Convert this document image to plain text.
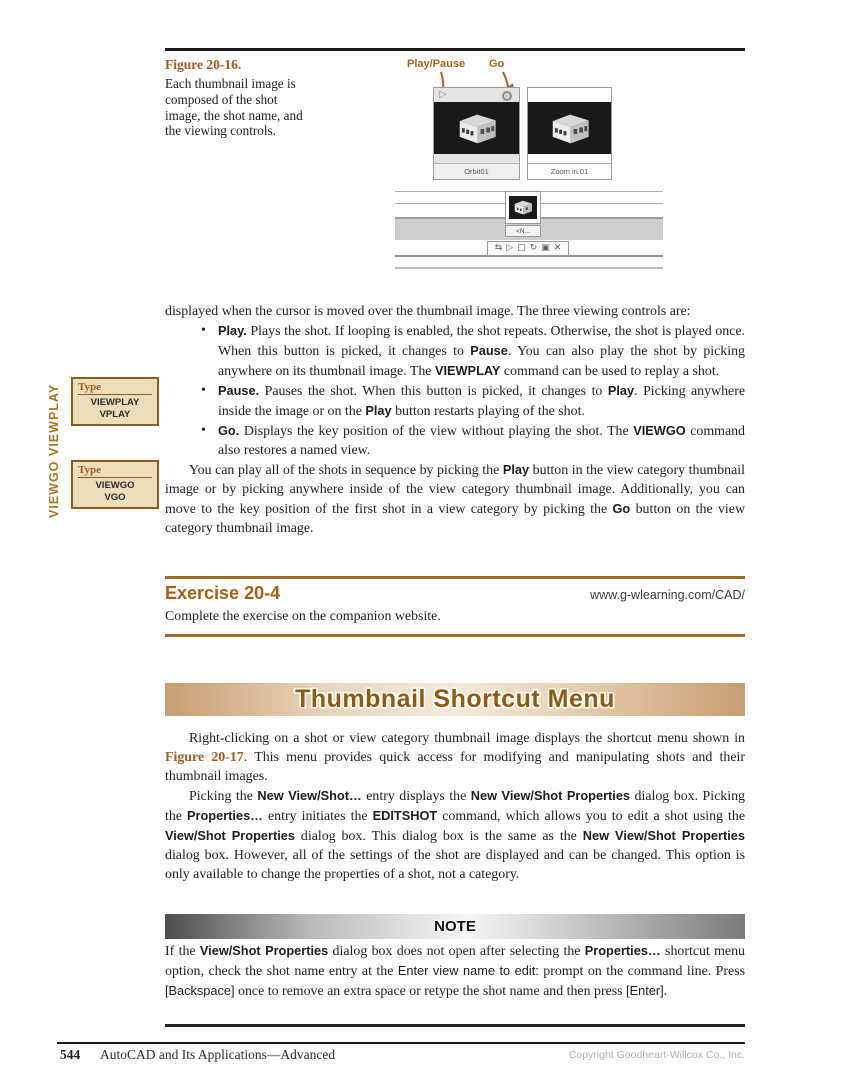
Figure 20-16.
Each thumbnail image is composed of the shot image, the shot name, and the viewing controls.
Play/Pause Go
▷
Orbit01	Zoom in 01
<N...
⇆ ▷ □ ↻ ▣ ✕
VIEWPLAY Type
VIEWPLAY
VPLAY
VIEWGO Type
VIEWGO
VGO

displayed when the cursor is moved over the thumbnail image. The three viewing controls are:

• Play. Plays the shot. If looping is enabled, the shot repeats. Otherwise, the shot is played once. When this button is picked, it changes to Pause. You can also play the shot by picking anywhere on its thumbnail image. The VIEWPLAY command can be used to replay a shot.
• Pause. Pauses the shot. When this button is picked, it changes to Play. Picking anywhere inside the image or on the Play button restarts playing of the shot.
• Go. Displays the key position of the view without playing the shot. The VIEWGO command also restores a named view.

You can play all of the shots in sequence by picking the Play button in the view category thumbnail image or by picking anywhere inside of the view category thumbnail image. Additionally, you can move to the key position of the first shot in a view category by picking the Go button on the view category thumbnail image.

Exercise 20-4	www.g-wlearning.com/CAD/
Complete the exercise on the companion website.
Thumbnail Shortcut Menu

Right-clicking on a shot or view category thumbnail image displays the shortcut menu shown in Figure 20-17. This menu provides quick access for modifying and manipulating shots and their thumbnail images.

Picking the New View/Shot… entry displays the New View/Shot Properties dialog box. Picking the Properties… entry initiates the EDITSHOT command, which allows you to edit a shot using the View/Shot Properties dialog box. This dialog box is the same as the New View/Shot Properties dialog box. However, all of the settings of the shot are displayed and can be changed. This option is only available to change the properties of a shot, not a category.

NOTE

If the View/Shot Properties dialog box does not open after selecting the Properties… shortcut menu option, check the shot name entry at the Enter view name to edit: prompt on the command line. Press [Backspace] once to remove an extra space or retype the shot name and then press [Enter].

544 AutoCAD and Its Applications—Advanced	Copyright Goodheart-Willcox Co., Inc.
